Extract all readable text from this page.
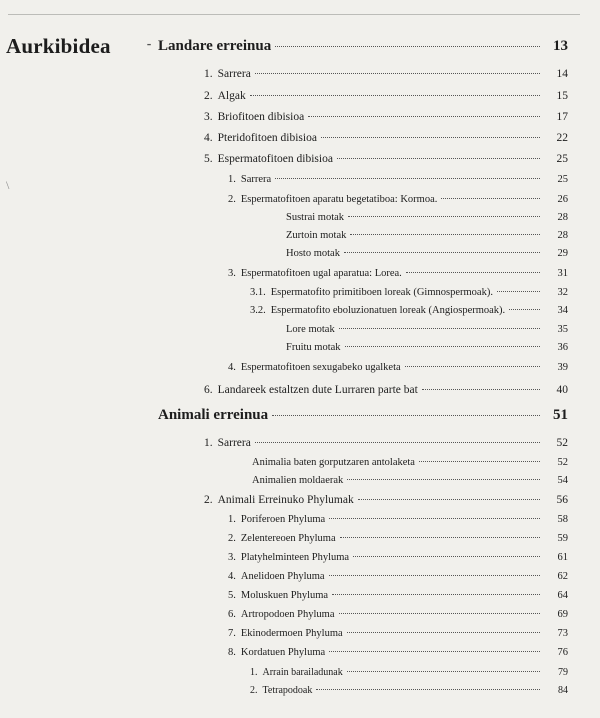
Aurkibidea	⁃
\
Landare erreinua	13
1. Sarrera	14
2. Algak	15
3. Briofitoen dibisioa	17
4. Pteridofitoen dibisioa	22
5. Espermatofitoen dibisioa	25
1. Sarrera	25
2. Espermatofitoen aparatu begetatiboa: Kormoa.	26
Sustrai motak	28
Zurtoin motak	28
Hosto motak	29
3. Espermatofitoen ugal aparatua: Lorea.	31
3.1. Espermatofito primitiboen loreak (Gimnospermoak).	32
3.2. Espermatofito eboluzionatuen loreak (Angiospermoak).	34
Lore motak	35
Fruitu motak	36
4. Espermatofitoen sexugabeko ugalketa	39
6. Landareek estaltzen dute Lurraren parte bat	40
Animali erreinua	51
1. Sarrera	52
Animalia baten gorputzaren antolaketa	52
Animalien moldaerak	54
2. Animali Erreinuko Phylumak	56
1. Poriferoen Phyluma	58
2. Zelentereoen Phyluma	59
3. Platyhelminteen Phyluma	61
4. Anelidoen Phyluma	62
5. Moluskuen Phyluma	64
6. Artropodoen Phyluma	69
7. Ekinodermoen Phyluma	73
8. Kordatuen Phyluma	76
1. Arrain barailadunak	79
2. Tetrapodoak	84
